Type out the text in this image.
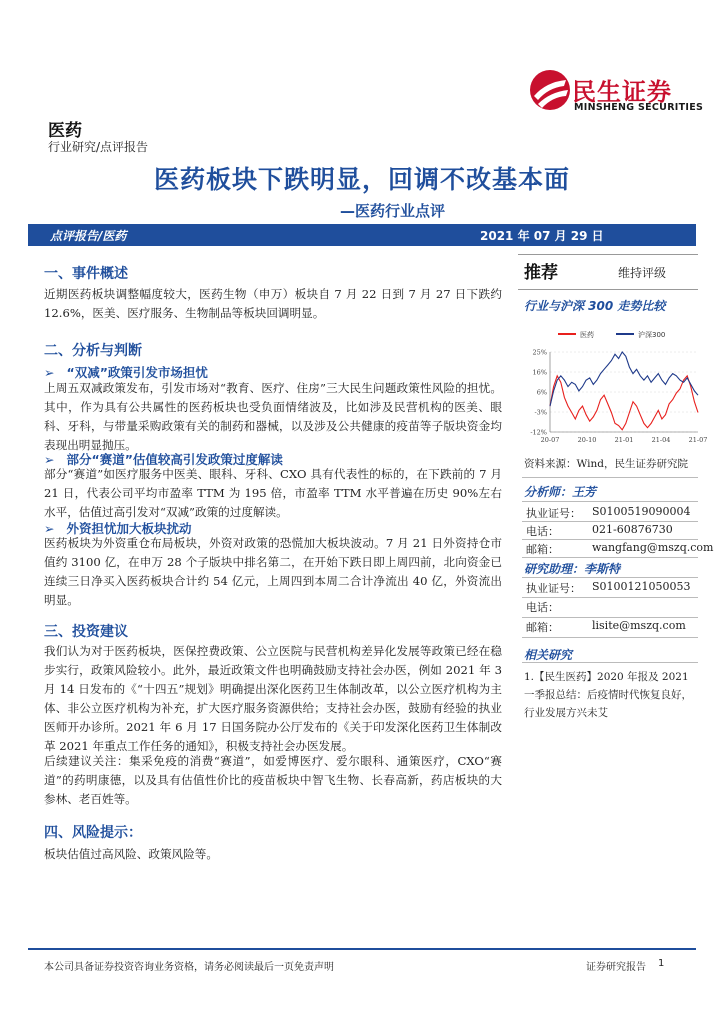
民生证券
MINSHENG SECURITIES
医药
行业研究/点评报告
医药板块下跌明显，回调不改基本面
—医药行业点评
点评报告/医药	2021 年 07 月 29 日
一、事件概述
近期医药板块调整幅度较大，医药生物（申万）板块自 7 月 22 日到 7 月 27 日下跌约 12.6%，医美、医疗服务、生物制品等板块回调明显。
二、分析与判断
➢ “双减”政策引发市场担忧
上周五双减政策发布，引发市场对“教育、医疗、住房”三大民生问题政策性风险的担忧。其中，作为具有公共属性的医药板块也受负面情绪波及，比如涉及民营机构的医美、眼科、牙科，与带量采购政策有关的制药和器械，以及涉及公共健康的疫苗等子版块资金均表现出明显抛压。
➢ 部分“赛道”估值较高引发政策过度解读
部分“赛道”如医疗服务中医美、眼科、牙科、CXO 具有代表性的标的，在下跌前的 7 月 21 日，代表公司平均市盈率 TTM 为 195 倍，市盈率 TTM 水平普遍在历史 90%左右水平，估值过高引发对“双减”政策的过度解读。
➢ 外资担忧加大板块扰动
医药板块为外资重仓布局板块，外资对政策的恐慌加大板块波动。7 月 21 日外资持仓市值约 3100 亿，在申万 28 个子版块中排名第二，在开始下跌日即上周四前，北向资金已连续三日净买入医药板块合计约 54 亿元，上周四到本周二合计净流出 40 亿，外资流出明显。
三、投资建议
我们认为对于医药板块，医保控费政策、公立医院与民营机构差异化发展等政策已经在稳步实行，政策风险较小。此外，最近政策文件也明确鼓励支持社会办医，例如 2021 年 3 月 14 日发布的《“十四五”规划》明确提出深化医药卫生体制改革，以公立医疗机构为主体、非公立医疗机构为补充，扩大医疗服务资源供给；支持社会办医，鼓励有经验的执业医师开办诊所。2021 年 6 月 17 日国务院办公厅发布的《关于印发深化医药卫生体制改革 2021 年重点工作任务的通知》，积极支持社会办医发展。
后续建议关注：集采免疫的消费“赛道”，如爱博医疗、爱尔眼科、通策医疗，CXO“赛道”的药明康德，以及具有估值性价比的疫苗板块中智飞生物、长春高新，药店板块的大参林、老百姓等。
四、风险提示：
板块估值过高风险、政策风险等。
推荐	维持评级
行业与沪深 300 走势比较
医药	沪深300
-12%
-3%
6%
16%
25%
20-07	20-10	21-01	21-04	21-07
资料来源：Wind，民生证券研究院
分析师：王芳
执业证号： S0100519090004
电话：	021-60876730
邮箱：	wangfang@mszq.com
研究助理：李斯特
执业证号： S0100121050053
电话：
邮箱：	lisite@mszq.com
相关研究
1.【民生医药】2020 年报及 2021 一季报总结：后疫情时代恢复良好，行业发展方兴未艾
本公司具备证券投资咨询业务资格，请务必阅读最后一页免责声明	证券研究报告 1
